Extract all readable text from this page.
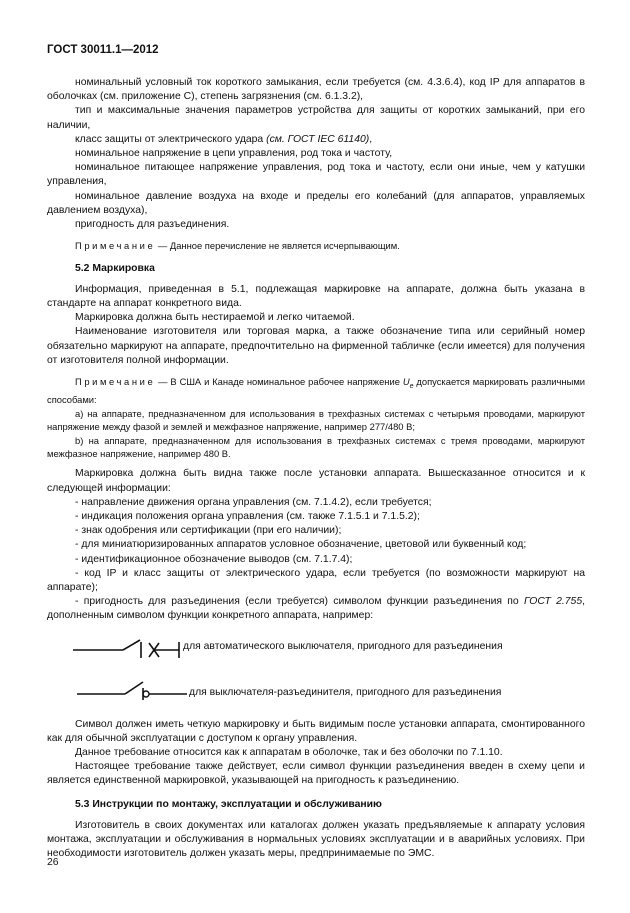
ГОСТ 30011.1—2012

номинальный условный ток короткого замыкания, если требуется (см. 4.3.6.4), код IP для аппаратов в оболочках (см. приложение С), степень загрязнения (см. 6.1.3.2),

тип и максимальные значения параметров устройства для защиты от коротких замыканий, при его наличии,

класс защиты от электрического удара (см. ГОСТ IEC 61140),

номинальное напряжение в цепи управления, род тока и частоту,

номинальное питающее напряжение управления, род тока и частоту, если они иные, чем у катушки управления,

номинальное давление воздуха на входе и пределы его колебаний (для аппаратов, управляемых давлением воздуха),

пригодность для разъединения.

Примечание — Данное перечисление не является исчерпывающим.

5.2 Маркировка

Информация, приведенная в 5.1, подлежащая маркировке на аппарате, должна быть указана в стандарте на аппарат конкретного вида.

Маркировка должна быть нестираемой и легко читаемой.

Наименование изготовителя или торговая марка, а также обозначение типа или серийный номер обязательно маркируют на аппарате, предпочтительно на фирменной табличке (если имеется) для получения от изготовителя полной информации.

Примечание — В США и Канаде номинальное рабочее напряжение $U_e$ допускается маркировать различными способами:

а) на аппарате, предназначенном для использования в трехфазных системах с четырьмя проводами, маркируют напряжение между фазой и землей и межфазное напряжение, например 277/480 В;

b) на аппарате, предназначенном для использования в трехфазных системах с тремя проводами, маркируют межфазное напряжение, например 480 В.

Маркировка должна быть видна также после установки аппарата. Вышесказанное относится и к следующей информации:

- направление движения органа управления (см. 7.1.4.2), если требуется;

- индикация положения органа управления (см. также 7.1.5.1 и 7.1.5.2);

- знак одобрения или сертификации (при его наличии);

- для миниатюризированных аппаратов условное обозначение, цветовой или буквенный код;

- идентификационное обозначение выводов (см. 7.1.7.4);

- код IP и класс защиты от электрического удара, если требуется (по возможности маркируют на аппарате);

- пригодность для разъединения (если требуется) символом функции разъединения по ГОСТ 2.755, дополненным символом функции конкретного аппарата, например:

для автоматического выключателя, пригодного для разъединения
для выключателя-разъединителя, пригодного для разъединения

Символ должен иметь четкую маркировку и быть видимым после установки аппарата, смонтированного как для обычной эксплуатации с доступом к органу управления.

Данное требование относится как к аппаратам в оболочке, так и без оболочки по 7.1.10.

Настоящее требование также действует, если символ функции разъединения введен в схему цепи и является единственной маркировкой, указывающей на пригодность к разъединению.

5.3 Инструкции по монтажу, эксплуатации и обслуживанию

Изготовитель в своих документах или каталогах должен указать предъявляемые к аппарату условия монтажа, эксплуатации и обслуживания в нормальных условиях эксплуатации и в аварийных условиях. При необходимости изготовитель должен указать меры, предпринимаемые по ЭМС.

26
